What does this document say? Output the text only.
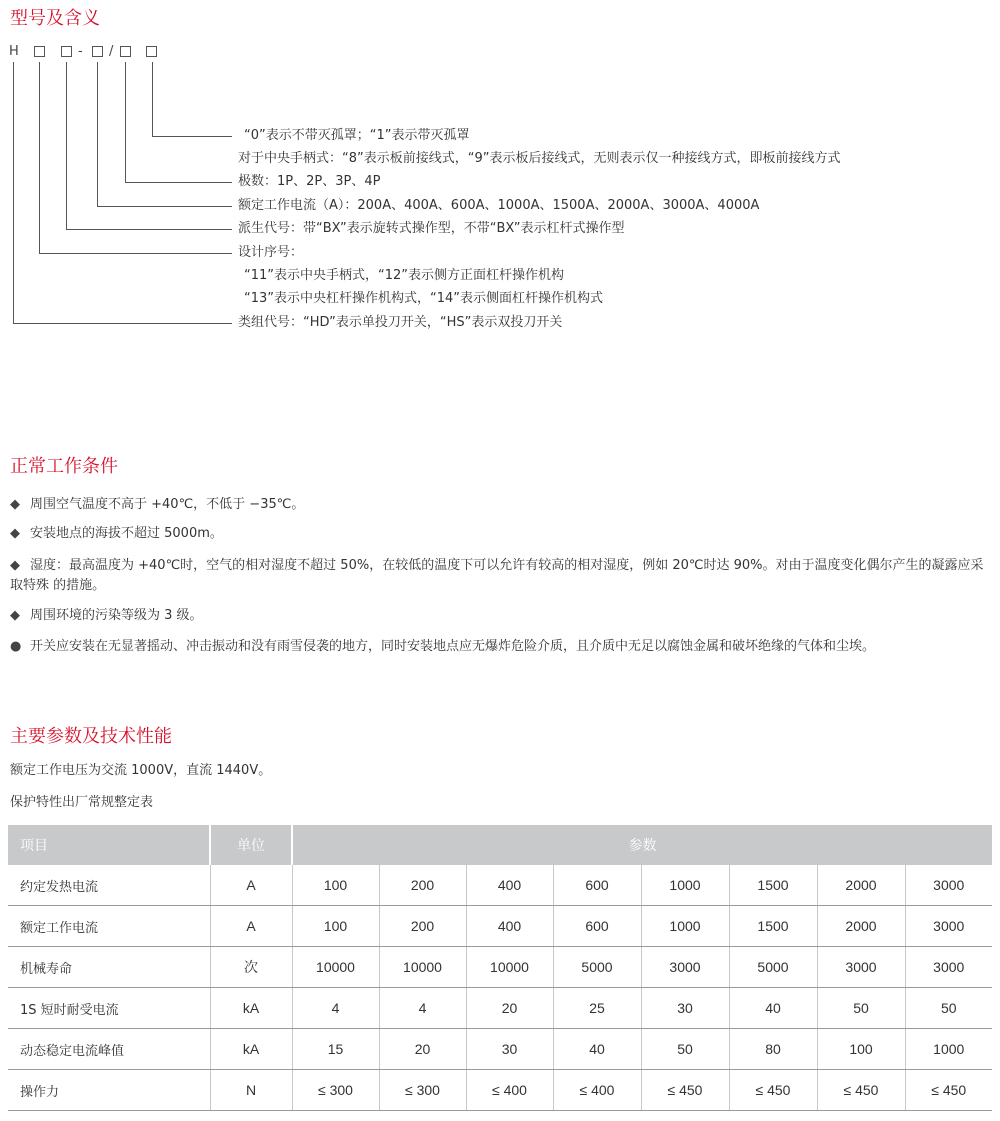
型号及含义
H	- /
“0”表示不带灭孤罩；“1”表示带灭孤罩
对于中央手柄式：“8”表示板前接线式，“9”表示板后接线式，无则表示仅一种接线方式，即板前接线方式
极数：1P、2P、3P、4P
额定工作电流（A）：200A、400A、600A、1000A、1500A、2000A、3000A、4000A
派生代号：带“BX”表示旋转式操作型，不带“BX”表示杠杆式操作型
设计序号：
“11”表示中央手柄式，“12”表示侧方正面杠杆操作机构
“13”表示中央杠杆操作机构式，“14”表示侧面杠杆操作机构式
类组代号：“HD”表示单投刀开关，“HS”表示双投刀开关
正常工作条件
◆ 周围空气温度不高于 +40℃，不低于 −35℃。
◆ 安装地点的海拔不超过 5000m。
◆ 湿度：最高温度为 +40℃时，空气的相对湿度不超过 50%，在较低的温度下可以允许有较高的相对湿度，例如 20℃时达 90%。对由于温度变化偶尔产生的凝露应采取特殊 的措施。
◆ 周围环境的污染等级为 3 级。
● 开关应安装在无显著摇动、冲击振动和没有雨雪侵袭的地方，同时安装地点应无爆炸危险介质，且介质中无足以腐蚀金属和破坏绝缘的气体和尘埃。
主要参数及技术性能
额定工作电压为交流 1000V，直流 1440V。
保护特性出厂常规整定表
项目	单位	参数							
约定发热电流	A	100	200	400	600	1000	1500	2000	3000
额定工作电流	A	100	200	400	600	1000	1500	2000	3000
机械寿命	次	10000	10000	10000	5000	3000	5000	3000	3000
1S 短时耐受电流	kA	4	4	20	25	30	40	50	50
动态稳定电流峰值	kA	15	20	30	40	50	80	100	1000
操作力	N	≤ 300	≤ 300	≤ 400	≤ 400	≤ 450	≤ 450	≤ 450	≤ 450
